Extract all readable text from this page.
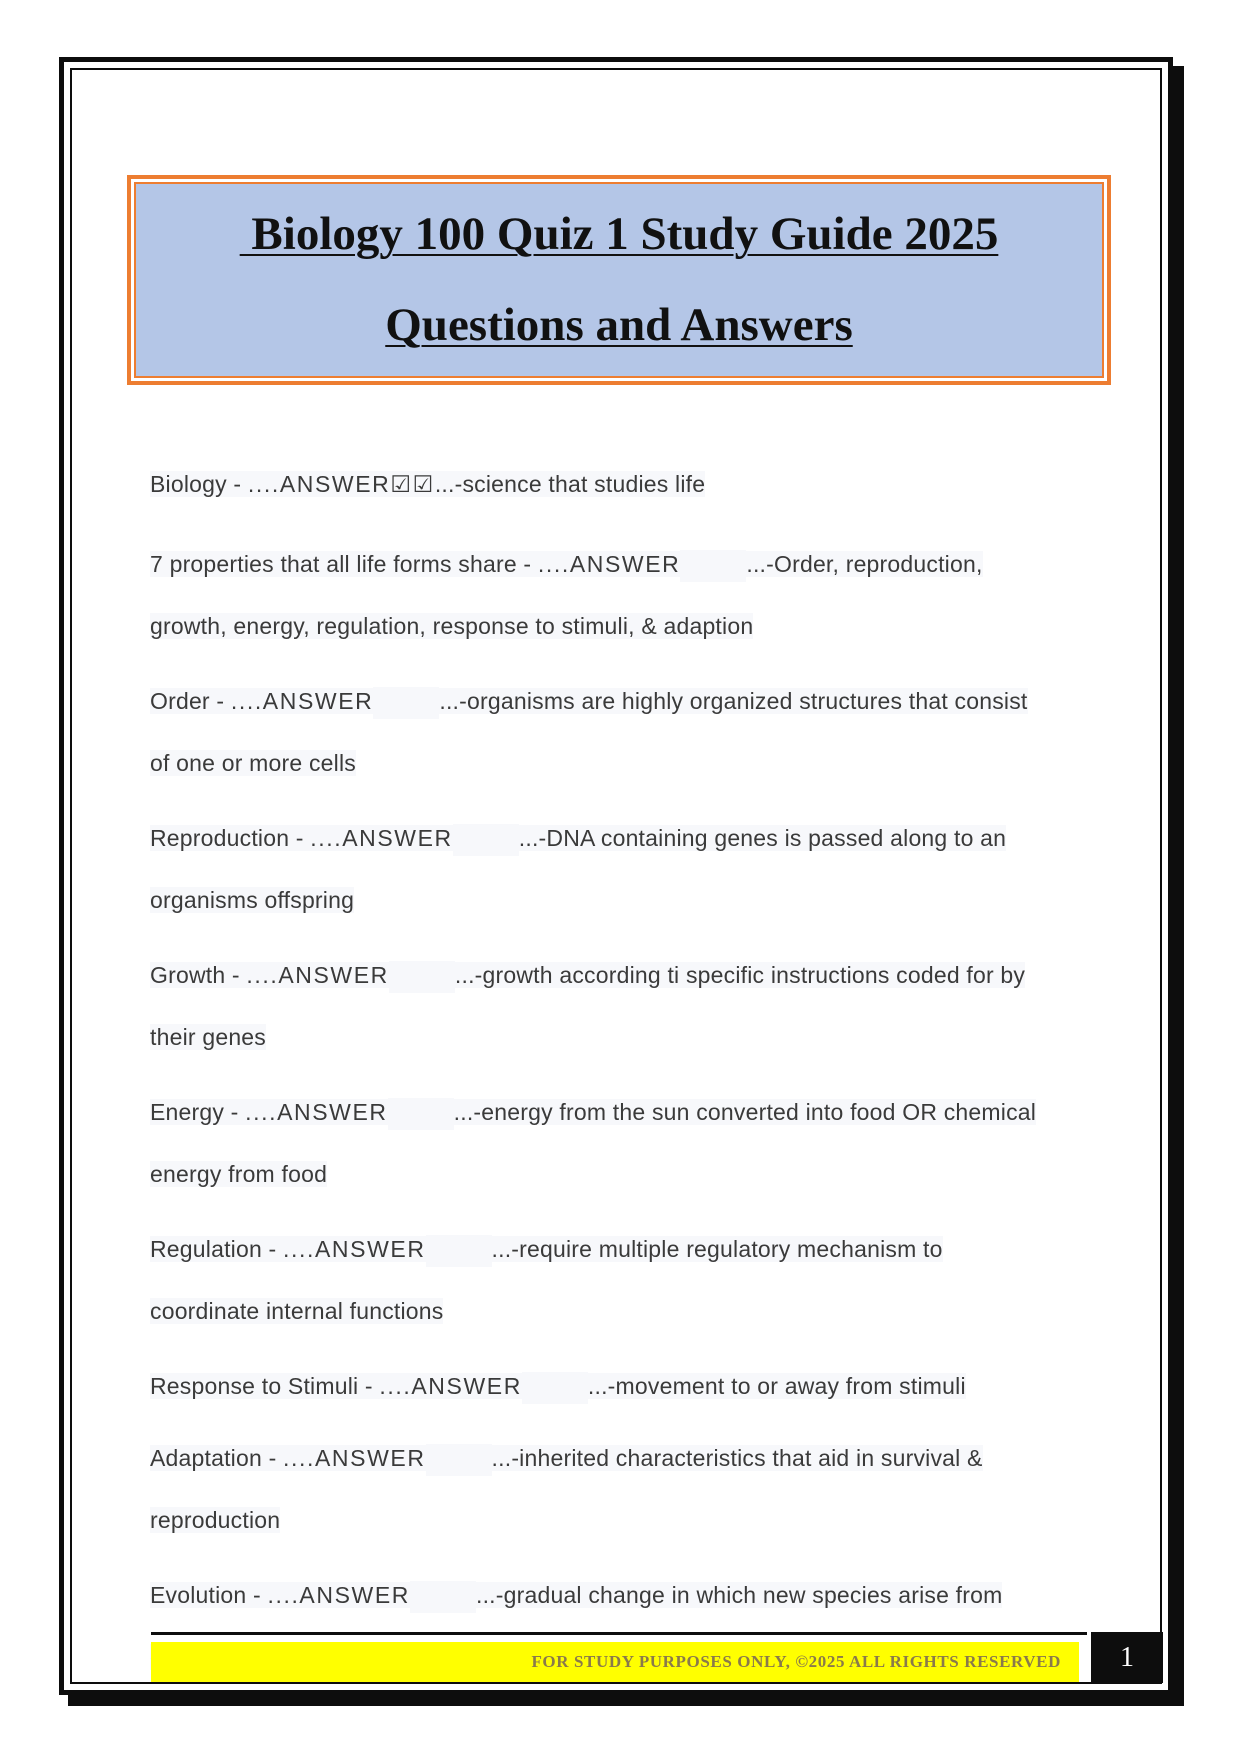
Biology 100 Quiz 1 Study Guide 2025
Questions and Answers
Biology - ....ANSWER☑☑...-science that studies life
7 properties that all life forms share - ....ANSWER	...-Order, reproduction,
growth, energy, regulation, response to stimuli, & adaption
Order - ....ANSWER	...-organisms are highly organized structures that consist
of one or more cells
Reproduction - ....ANSWER	...-DNA containing genes is passed along to an
organisms offspring
Growth - ....ANSWER	...-growth according ti specific instructions coded for by
their genes
Energy - ....ANSWER	...-energy from the sun converted into food OR chemical
energy from food
Regulation - ....ANSWER	...-require multiple regulatory mechanism to
coordinate internal functions
Response to Stimuli - ....ANSWER	...-movement to or away from stimuli
Adaptation - ....ANSWER	...-inherited characteristics that aid in survival &
reproduction
Evolution - ....ANSWER	...-gradual change in which new species arise from
FOR STUDY PURPOSES ONLY, ©2025 ALL RIGHTS RESERVED	1
